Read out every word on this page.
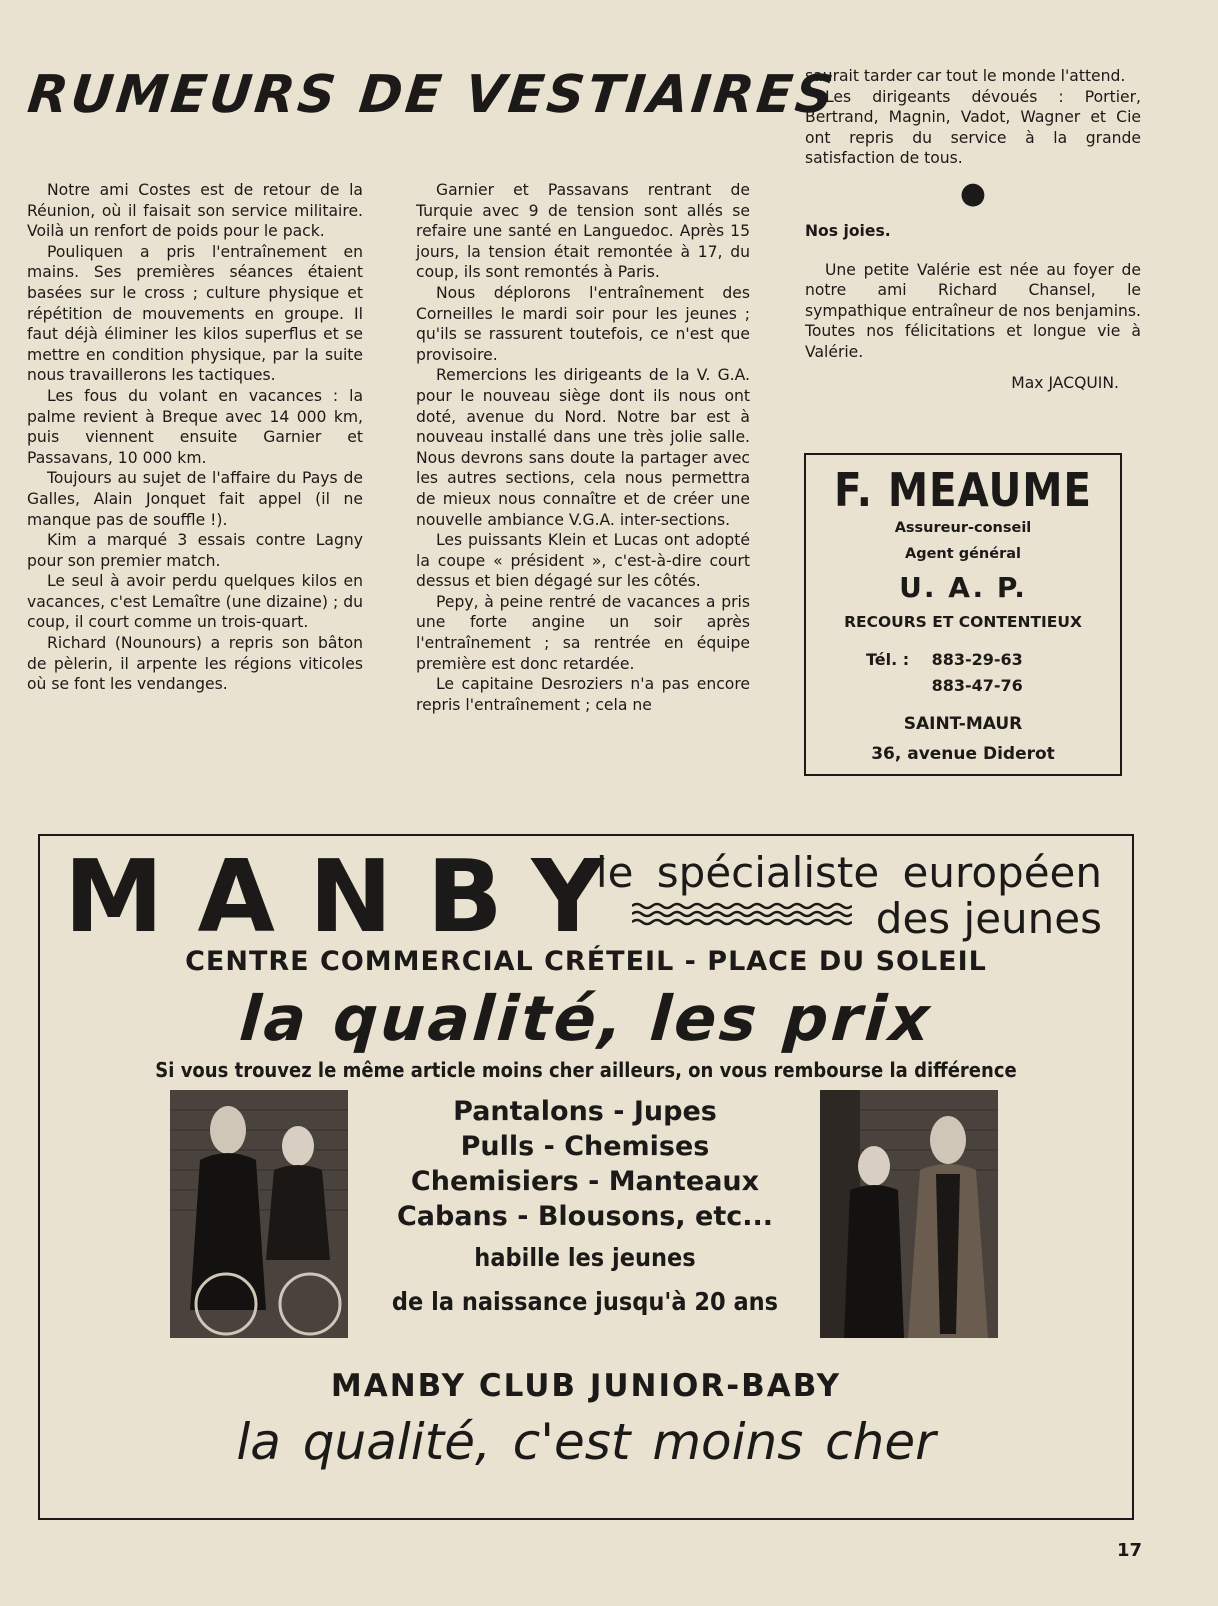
RUMEURS DE VESTIAIRES

Notre ami Costes est de retour de la Réunion, où il faisait son service militaire. Voilà un renfort de poids pour le pack.

Pouliquen a pris l'entraînement en mains. Ses premières séances étaient basées sur le cross ; culture physique et répétition de mouvements en groupe. Il faut déjà éliminer les kilos superflus et se mettre en condition physique, par la suite nous travaillerons les tactiques.

Les fous du volant en vacances : la palme revient à Breque avec 14 000 km, puis viennent ensuite Garnier et Passavans, 10 000 km.

Toujours au sujet de l'affaire du Pays de Galles, Alain Jonquet fait appel (il ne manque pas de souffle !).

Kim a marqué 3 essais contre Lagny pour son premier match.

Le seul à avoir perdu quelques kilos en vacances, c'est Lemaître (une dizaine) ; du coup, il court comme un trois-quart.

Richard (Nounours) a repris son bâton de pèlerin, il arpente les régions viticoles où se font les vendanges.

Garnier et Passavans rentrant de Turquie avec 9 de tension sont allés se refaire une santé en Languedoc. Après 15 jours, la tension était remontée à 17, du coup, ils sont remontés à Paris.

Nous déplorons l'entraînement des Corneilles le mardi soir pour les jeunes ; qu'ils se rassurent toutefois, ce n'est que provisoire.

Remercions les dirigeants de la V. G.A. pour le nouveau siège dont ils nous ont doté, avenue du Nord. Notre bar est à nouveau installé dans une très jolie salle. Nous devrons sans doute la partager avec les autres sections, cela nous permettra de mieux nous connaître et de créer une nouvelle ambiance V.G.A. inter-sections.

Les puissants Klein et Lucas ont adopté la coupe « président », c'est-à-dire court dessus et bien dégagé sur les côtés.

Pepy, à peine rentré de vacances a pris une forte angine un soir après l'entraînement ; sa rentrée en équipe première est donc retardée.

Le capitaine Desroziers n'a pas encore repris l'entraînement ; cela ne

saurait tarder car tout le monde l'attend.

Les dirigeants dévoués : Portier, Bertrand, Magnin, Vadot, Wagner et Cie ont repris du service à la grande satisfaction de tous.

●
Nos joies.

Une petite Valérie est née au foyer de notre ami Richard Chansel, le sympathique entraîneur de nos benjamins. Toutes nos félicitations et longue vie à Valérie.

Max JACQUIN.
F. MEAUME
Assureur-conseil
Agent général
U. A. P.
RECOURS ET CONTENTIEUX
Tél. : 883-29-63
883-47-76
SAINT-MAUR
36, avenue Diderot
MANBY
le spécialiste européen
des jeunes
CENTRE COMMERCIAL CRÉTEIL - PLACE DU SOLEIL
la qualité, les prix
Si vous trouvez le même article moins cher ailleurs, on vous rembourse la différence
Pantalons - Jupes
Pulls - Chemises
Chemisiers - Manteaux
Cabans - Blousons, etc...
habille les jeunes
de la naissance jusqu'à 20 ans
MANBY CLUB JUNIOR-BABY
la qualité, c'est moins cher
17
